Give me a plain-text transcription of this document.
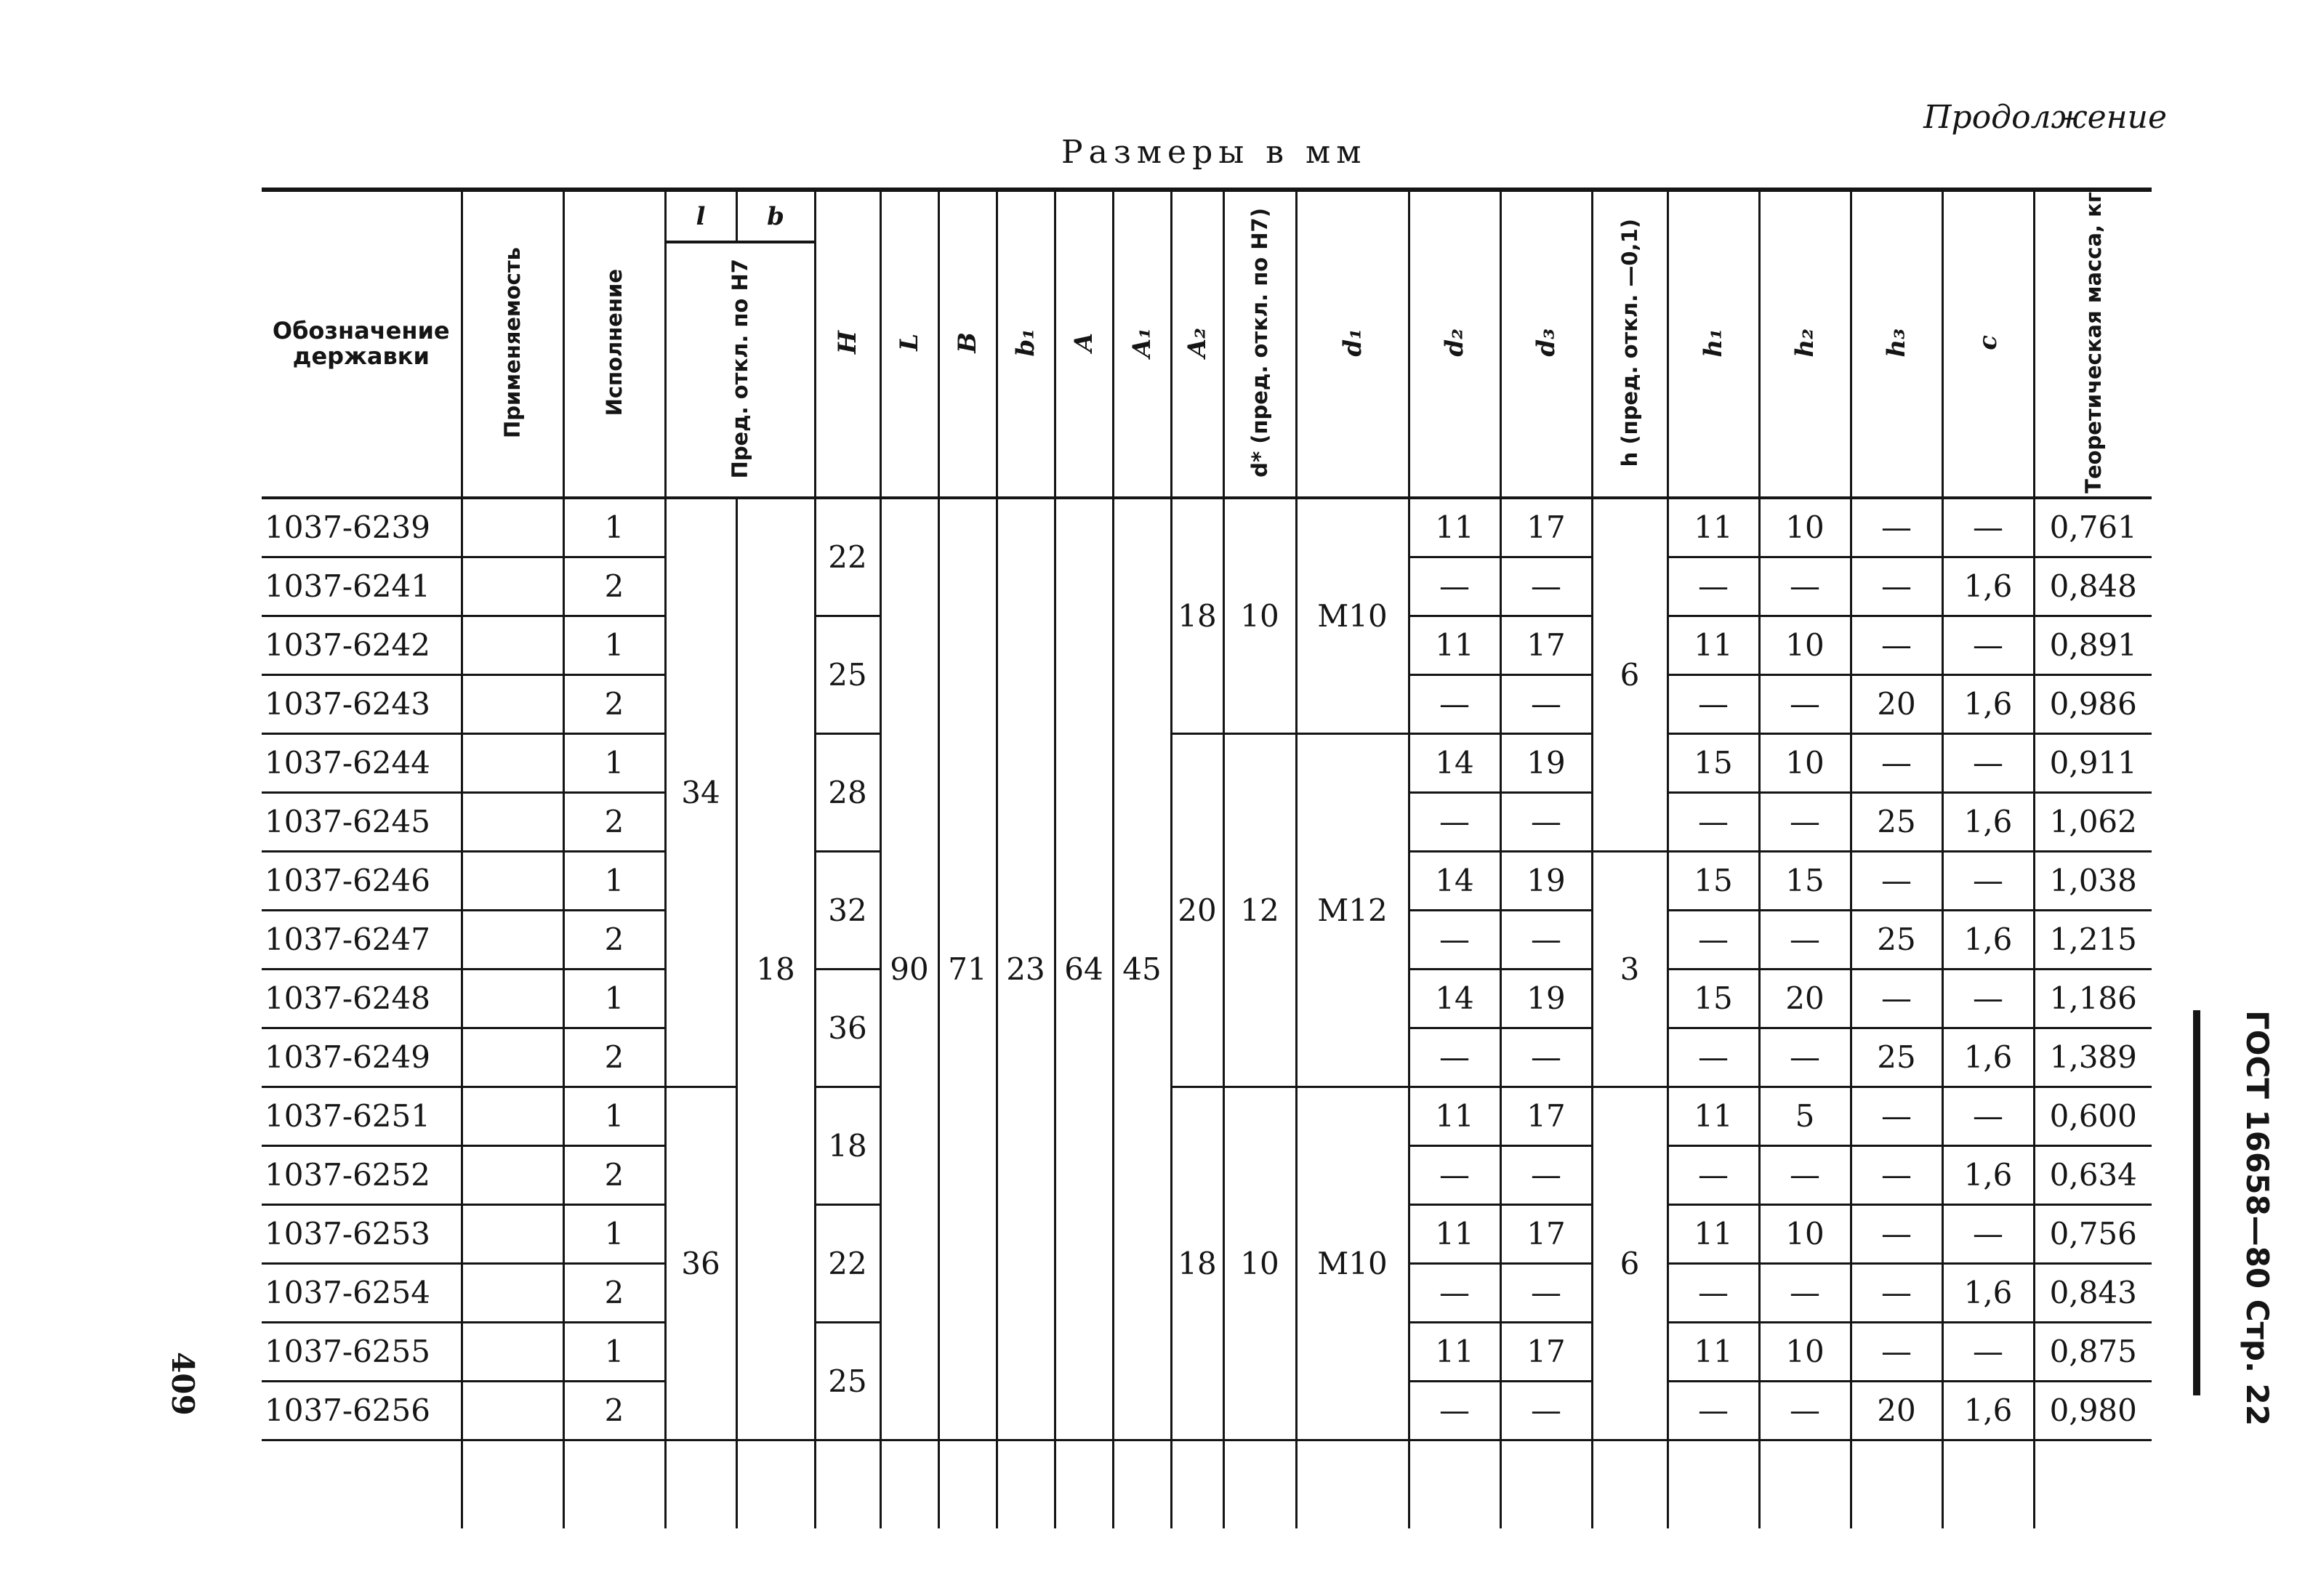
Продолжение
Размеры в мм
Обозначение державки	Применяемость	Исполнение	l	b	H	L	B	b₁	A	A₁	A₂	d* (пред. откл. по H7)	d₁	d₂	d₃	h (пред. откл. —0,1)	h₁	h₂	h₃	c	Теоретическая масса, кг
			Пред. откл. по H7																		
1037-6239		1	34	18	22	90	71	23	64	45	18	10	M10	11	17	6	11	10	—	—	0,761
1037-6241		2												—	—		—	—	—	1,6	0,848
1037-6242		1			25									11	17		11	10	—	—	0,891
1037-6243		2												—	—		—	—	20	1,6	0,986
1037-6244		1			28						20	12	M12	14	19		15	10	—	—	0,911
1037-6245		2												—	—		—	—	25	1,6	1,062
1037-6246		1			32									14	19	3	15	15	—	—	1,038
1037-6247		2												—	—		—	—	25	1,6	1,215
1037-6248		1			36									14	19		15	20	—	—	1,186
1037-6249		2												—	—		—	—	25	1,6	1,389
1037-6251		1	36		18						18	10	M10	11	17	6	11	5	—	—	0,600
1037-6252		2												—	—		—	—	—	1,6	0,634
1037-6253		1			22									11	17		11	10	—	—	0,756
1037-6254		2												—	—		—	—	—	1,6	0,843
1037-6255		1			25									11	17		11	10	—	—	0,875
1037-6256		2												—	—		—	—	20	1,6	0,980

409	ГОСТ 16658—80 Стр. 22
